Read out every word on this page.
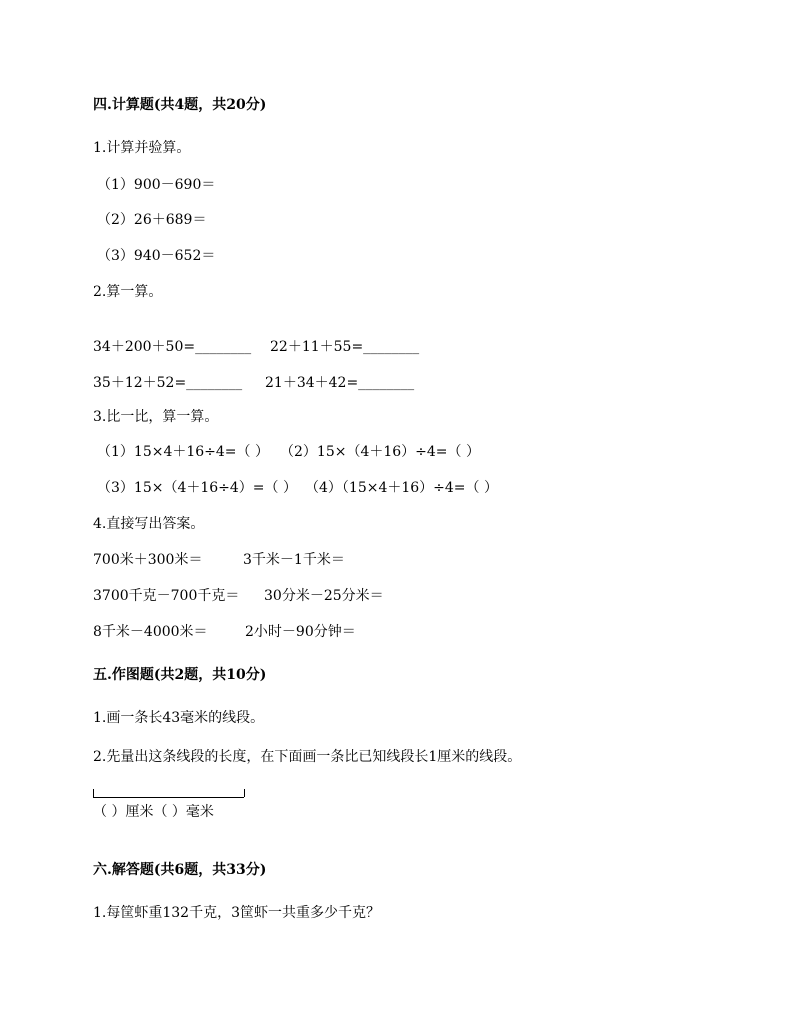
四.计算题(共4题，共20分)
1.计算并验算。
（1）900－690＝
（2）26＋689＝
（3）940－652＝
2.算一算。
34＋200＋50=________ 22＋11＋55=________
35＋12＋52=________ 21＋34＋42=________
3.比一比，算一算。
（1）15×4＋16÷4=（ ） （2）15×（4＋16）÷4=（ ）
（3）15×（4＋16÷4）=（ ） （4）（15×4＋16）÷4=（ ）
4.直接写出答案。
700米＋300米＝	3千米－1千米＝
3700千克－700千克＝ 30分米－25分米＝
8千米－4000米＝	2小时－90分钟＝
五.作图题(共2题，共10分)
1.画一条长43毫米的线段。
2.先量出这条线段的长度，在下面画一条比已知线段长1厘米的线段。
（ ）厘米（ ）毫米
六.解答题(共6题，共33分)
1.每筐虾重132千克，3筐虾一共重多少千克？
